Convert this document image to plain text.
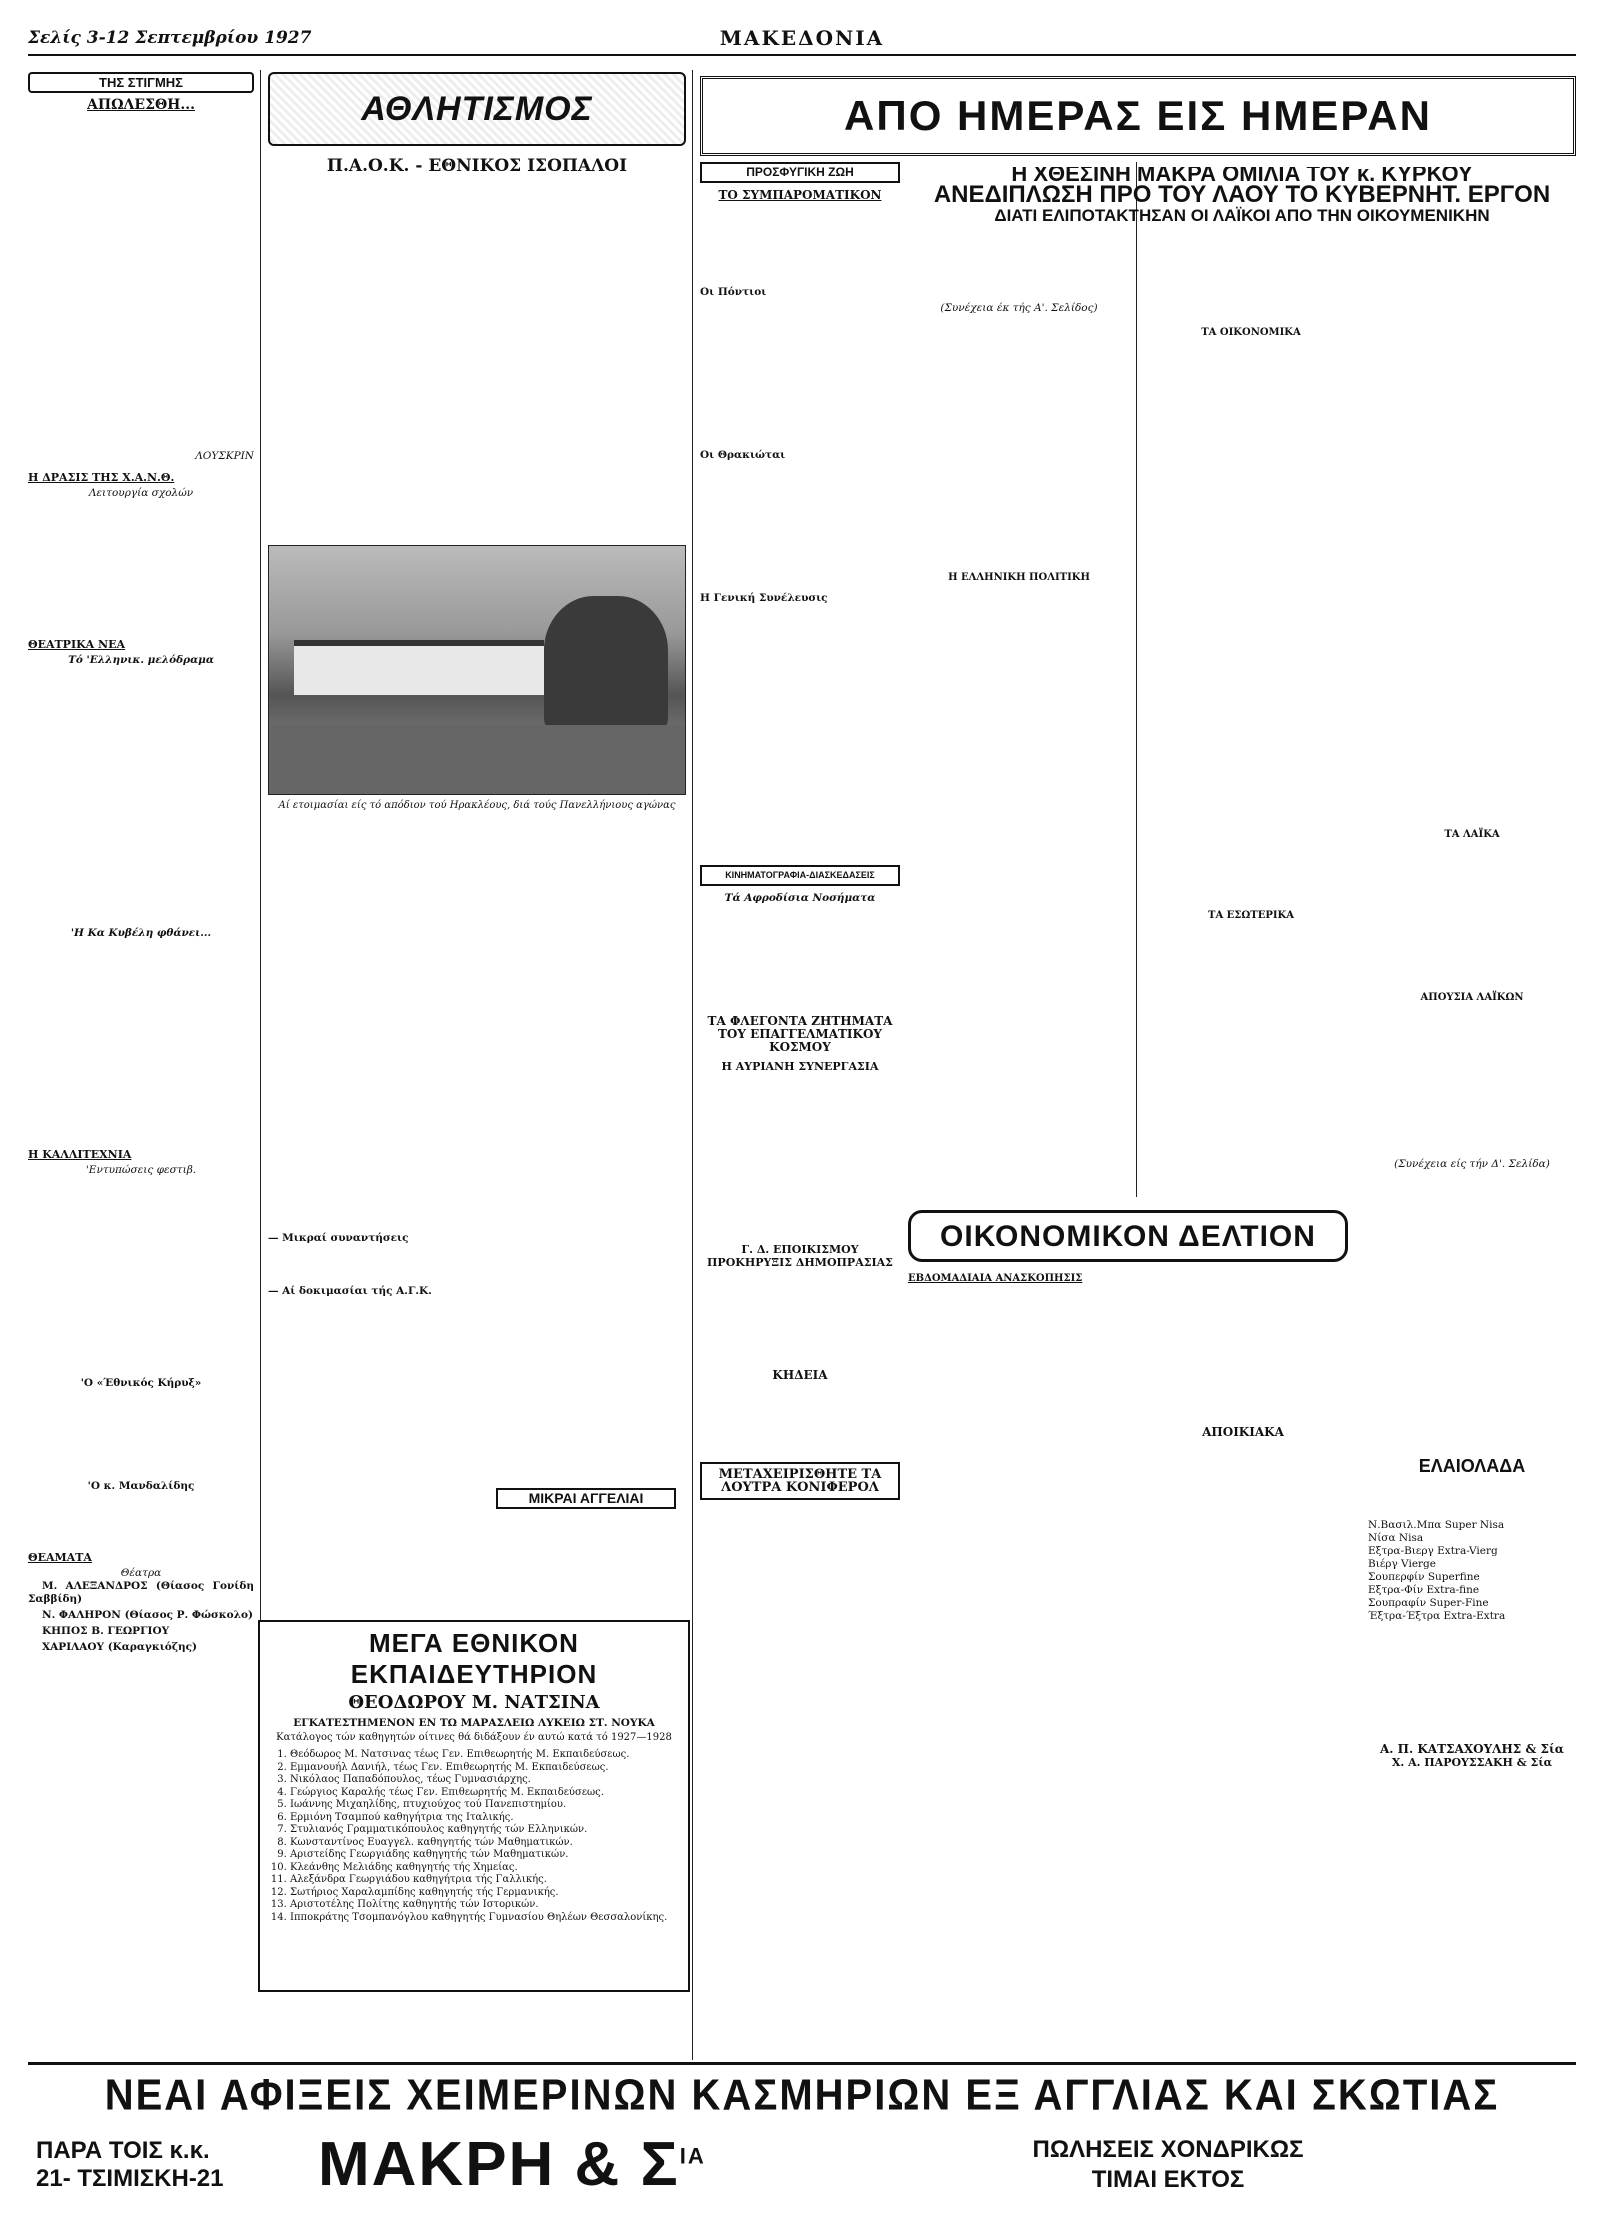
Σελίς 3-12 Σεπτεμβρίου 1927	ΜΑΚΕΔΟΝΙΑ
ΤΗΣ ΣΤΙΓΜΗΣ
ΑΠΩΛΕΣΘΗ...

ΛΟΥΣΚΡΙΝ
Η ΔΡΑΣΙΣ ΤΗΣ Χ.Α.Ν.Θ.
Λειτουργία σχολών
ΘΕΑΤΡΙΚΑ ΝΕΑ
Τό 'Ελληνικ. μελόδραμα
'Η Κα Κυβέλη φθάνει...
Η ΚΑΛΛΙΤΕΧΝΙΑ
'Εντυπώσεις φεστιβ.
'Ο «Έθνικός Κήρυξ»
'Ο κ. Μανδαλίδης
ΘΕΑΜΑΤΑ
Θέατρα

Μ. ΑΛΕΞΑΝΔΡΟΣ (Θίασος Γονίδη Σαββίδη)

Ν. ΦΑΛΗΡΟΝ (Θίασος Ρ. Φώσκολο)

ΚΗΠΟΣ Β. ΓΕΩΡΓΙΟΥ

ΧΑΡΙΛΑΟΥ (Καραγκιόζης)

ΑΘΛΗΤΙΣΜΟΣ
Π.Α.Ο.Κ. - ΕΘΝΙΚΟΣ ΙΣΟΠΑΛΟΙ
Αί ετοιμασίαι είς τό απόδιον τού Ηρακλέους, διά τούς Πανελλήνιους αγώνας
— Μικραί συναντήσεις
— Αί δοκιμασίαι τής Α.Γ.Κ.
ΜΙΚΡΑΙ ΑΓΓΕΛΙΑΙ
ΜΕΓΑ ΕΘΝΙΚΟΝ ΕΚΠΑΙΔΕΥΤΗΡΙΟΝ
ΘΕΟΔΩΡΟΥ Μ. ΝΑΤΣΙΝΑ
ΕΓΚΑΤΕΣΤΗΜΕΝΟΝ ΕΝ ΤΩ ΜΑΡΑΣΛΕΙΩ ΛΥΚΕΙΩ ΣΤ. ΝΟΥΚΑ
Κατάλογος τών καθηγητών οίτινες θά διδάξουν έν αυτώ κατά τό 1927—1928
1. Θεόδωρος Μ. Νατσινας τέως Γεν. Επιθεωρητής Μ. Εκπαιδεύσεως.
2. Εμμανουήλ Δανιήλ, τέως Γεν. Επιθεωρητής Μ. Εκπαιδεύσεως.
3. Νικόλαος Παπαδόπουλος, τέως Γυμνασιάρχης.
4. Γεώργιος Καραλής τέως Γεν. Επιθεωρητής Μ. Εκπαιδεύσεως.
5. Ιωάννης Μιχαηλίδης, πτυχιούχος τού Πανεπιστημίου.
6. Ερμιόνη Τσαμπού καθηγήτρια της Ιταλικής.
7. Στυλιανός Γραμματικόπουλος καθηγητής τών Ελληνικών.
8. Κωνσταντίνος Ευαγγελ. καθηγητής τών Μαθηματικών.
9. Αριστείδης Γεωργιάδης καθηγητής τών Μαθηματικών.
10. Κλεάνθης Μελιάδης καθηγητής τής Χημείας.
11. Αλεξάνδρα Γεωργιάδου καθηγήτρια τής Γαλλικής.
12. Σωτήριος Χαραλαμπίδης καθηγητής τής Γερμανικής.
13. Αριστοτέλης Πολίτης καθηγητής τών Ιστορικών.
14. Ιπποκράτης Τσομπανόγλου καθηγητής Γυμνασίου Θηλέων Θεσσαλονίκης.
ΑΠΟ ΗΜΕΡΑΣ ΕΙΣ ΗΜΕΡΑΝ
ΠΡΟΣΦΥΓΙΚΗ ΖΩΗ
ΤΟ ΣΥΜΠΑΡΟΜΑΤΙΚΟΝ
Οι Πόντιοι
Οι Θρακιώται
Η Γενική Συνέλευσις
ΚΙΝΗΜΑΤΟΓΡΑΦΙΑ-ΔΙΑΣΚΕΔΑΣΕΙΣ
Τά Αφροδίσια Νοσήματα
ΤΑ ΦΛΕΓΟΝΤΑ ΖΗΤΗΜΑΤΑ ΤΟΥ ΕΠΑΓΓΕΛΜΑΤΙΚΟΥ ΚΟΣΜΟΥ
Η ΑΥΡΙΑΝΗ ΣΥΝΕΡΓΑΣΙΑ
Γ. Δ. ΕΠΟΙΚΙΣΜΟΥ ΠΡΟΚΗΡΥΞΙΣ ΔΗΜΟΠΡΑΣΙΑΣ
ΚΗΔΕΙΑ
ΜΕΤΑΧΕΙΡΙΣΘΗΤΕ ΤΑ ΛΟΥΤΡΑ ΚΟΝΙΦΕΡΟΛ
Η ΧΘΕΣΙΝΗ ΜΑΚΡΑ ΟΜΙΛΙΑ ΤΟΥ κ. ΚΥΡΚΟΥ
ΑΝΕΔΙΠΛΩΣΗ ΠΡΟ ΤΟΥ ΛΑΟΥ ΤΟ ΚΥΒΕΡΝΗΤ. ΕΡΓΟΝ
ΔΙΑΤΙ ΕΛΙΠΟΤΑΚΤΗΣΑΝ ΟΙ ΛΑΪΚΟΙ ΑΠΟ ΤΗΝ ΟΙΚΟΥΜΕΝΙΚΗΝ
(Συνέχεια έκ τής Α'. Σελίδος)
Η ΕΛΛΗΝΙΚΗ ΠΟΛΙΤΙΚΗ
ΤΑ ΟΙΚΟΝΟΜΙΚΑ
ΤΑ ΕΣΩΤΕΡΙΚΑ
ΤΑ ΛΑΪΚΑ
ΑΠΟΥΣΙΑ ΛΑΪΚΩΝ
(Συνέχεια είς τήν Δ'. Σελίδα)
ΟΙΚΟΝΟΜΙΚΟΝ ΔΕΛΤΙΟΝ
ΕΒΔΟΜΑΔΙΑΙΑ ΑΝΑΣΚΟΠΗΣΙΣ
ΑΠΟΙΚΙΑΚΑ
ΕΛΑΙΟΛΑΔΑ
Ν.Βασιλ.Μπα Super Nisa
Νίσα Nisa
Εξτρα-Βιεργ Extra-Vierg
Βιέργ Vierge
Σουπερφίν Superfine
Εξτρα-Φίν Extra-fine
Σουπραφίν Super-Fine
Έξτρα-Έξτρα Extra-Extra
Α. Π. ΚΑΤΣΑΧΟΥΛΗΣ & Σία
Χ. Α. ΠΑΡΟΥΣΣΑΚΗ & Σία
ΝΕΑΙ ΑΦΙΞΕΙΣ ΧΕΙΜΕΡΙΝΩΝ ΚΑΣΜΗΡΙΩΝ ΕΞ ΑΓΓΛΙΑΣ ΚΑΙ ΣΚΩΤΙΑΣ
ΠΑΡΑ ΤΟΙΣ κ.κ.
21- ΤΣΙΜΙΣΚΗ-21 ΜΑΚΡΗ & $\Sigma^{IA}$	ΠΩΛΗΣΕΙΣ ΧΟΝΔΡΙΚΩΣ
ΤΙΜΑΙ ΕΚΤΟΣ
